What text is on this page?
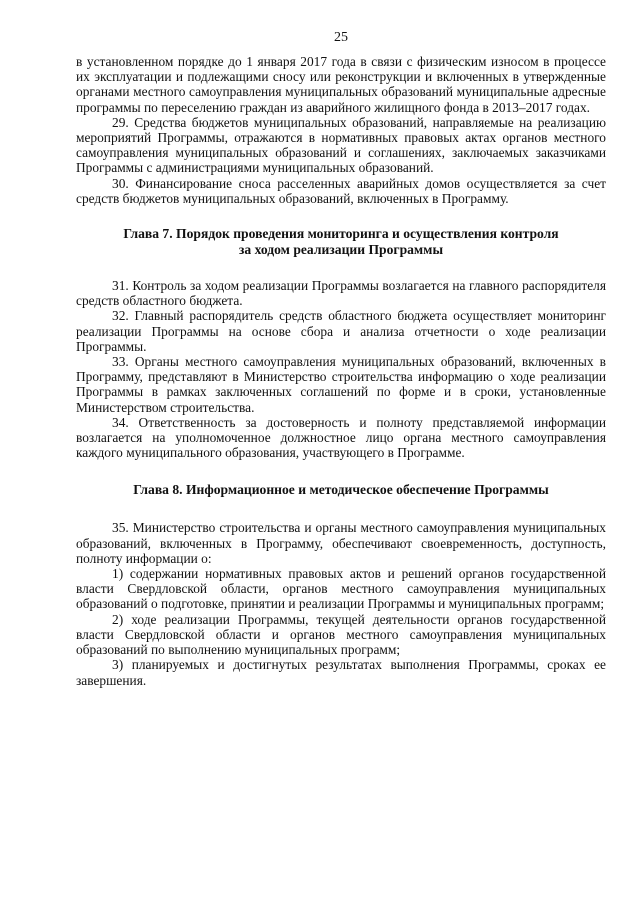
25

в установленном порядке до 1 января 2017 года в связи с физическим износом в процессе их эксплуатации и подлежащими сносу или реконструкции и включенных в утвержденные органами местного самоуправления муниципальных образований муниципальные адресные программы по переселению граждан из аварийного жилищного фонда в 2013–2017 годах.

29. Средства бюджетов муниципальных образований, направляемые на реализацию мероприятий Программы, отражаются в нормативных правовых актах органов местного самоуправления муниципальных образований и соглашениях, заключаемых заказчиками Программы с администрациями муниципальных образований.

30. Финансирование сноса расселенных аварийных домов осуществляется за счет средств бюджетов муниципальных образований, включенных в Программу.

Глава 7. Порядок проведения мониторинга и осуществления контроля
за ходом реализации Программы

31. Контроль за ходом реализации Программы возлагается на главного распорядителя средств областного бюджета.

32. Главный распорядитель средств областного бюджета осуществляет мониторинг реализации Программы на основе сбора и анализа отчетности о ходе реализации Программы.

33. Органы местного самоуправления муниципальных образований, включенных в Программу, представляют в Министерство строительства информацию о ходе реализации Программы в рамках заключенных соглашений по форме и в сроки, установленные Министерством строительства.

34. Ответственность за достоверность и полноту представляемой информации возлагается на уполномоченное должностное лицо органа местного самоуправления каждого муниципального образования, участвующего в Программе.

Глава 8. Информационное и методическое обеспечение Программы

35. Министерство строительства и органы местного самоуправления муниципальных образований, включенных в Программу, обеспечивают своевременность, доступность, полноту информации о:

1) содержании нормативных правовых актов и решений органов государственной власти Свердловской области, органов местного самоуправления муниципальных образований о подготовке, принятии и реализации Программы и муниципальных программ;

2) ходе реализации Программы, текущей деятельности органов государственной власти Свердловской области и органов местного самоуправления муниципальных образований по выполнению муниципальных программ;

3) планируемых и достигнутых результатах выполнения Программы, сроках ее завершения.
